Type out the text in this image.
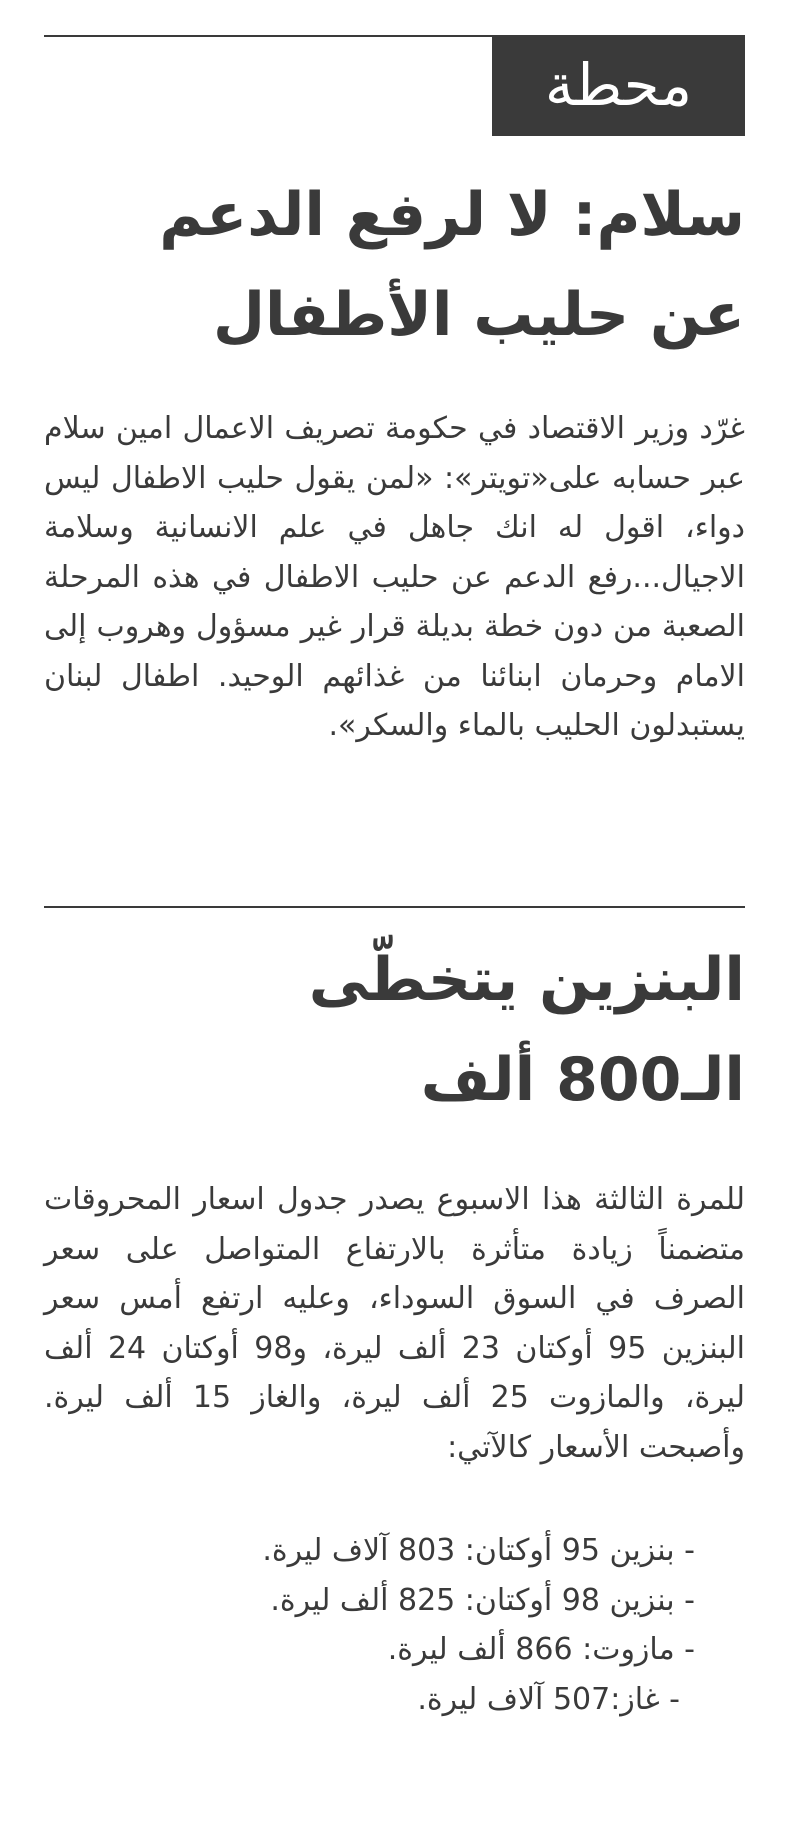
محطة
سلام: لا لرفع الدعم
عن حليب الأطفال

غرّد وزير الاقتصاد في حكومة تصريف الاعمال امين سلام عبر حسابه على«تويتر»: «لمن يقول حليب الاطفال ليس دواء، اقول له انك جاهل في علم الانسانية وسلامة الاجيال...رفع الدعم عن حليب الاطفال في هذه المرحلة الصعبة من دون خطة بديلة قرار غير مسؤول وهروب إلى الامام وحرمان ابنائنا من غذائهم الوحيد. اطفال لبنان يستبدلون الحليب بالماء والسكر».

البنزين يتخطّى
الـ800 ألف

للمرة الثالثة هذا الاسبوع يصدر جدول اسعار المحروقات متضمناً زيادة متأثرة بالارتفاع المتواصل على سعر الصرف في السوق السوداء، وعليه ارتفع أمس سعر البنزين 95 أوكتان 23 ألف ليرة، و98 أوكتان 24 ألف ليرة، والمازوت 25 ألف ليرة، والغاز 15 ألف ليرة. وأصبحت الأسعار كالآتي:

- بنزين 95 أوكتان: 803 آلاف ليرة.
- بنزين 98 أوكتان: 825 ألف ليرة.
- مازوت: 866 ألف ليرة.
- غاز:507 آلاف ليرة.
